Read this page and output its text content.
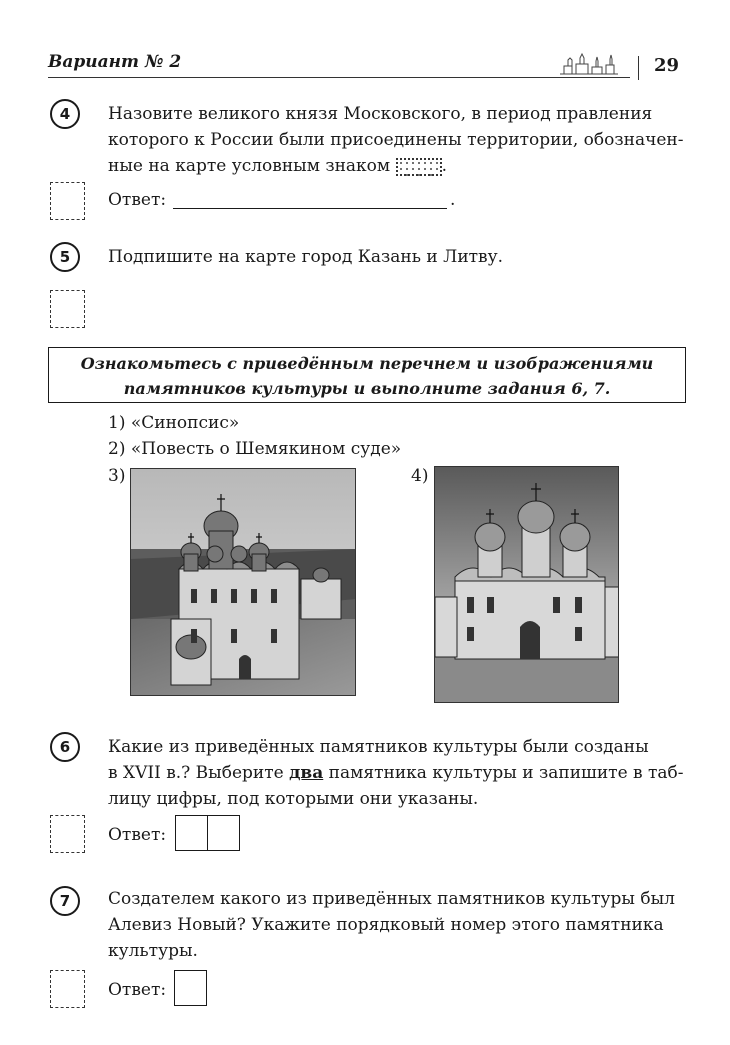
Вариант № 2	29
4	Назовите великого князя Московского, в период правления
которого к России были присоединены территории, обозначен-
ные на карте условным знаком	.
Ответ:	.
5	Подпишите на карте город Казань и Литву.
Ознакомьтесь с приведённым перечнем и изображениями
памятников культуры и выполните задания 6, 7.
1) «Синопсис»
2) «Повесть о Шемякином суде»
3)	4)
6	Какие из приведённых памятников культуры были созданы
в XVII в.? Выберите два памятника культуры и запишите в таб-
лицу цифры, под которыми они указаны.
Ответ:
7	Создателем какого из приведённых памятников культуры был
Алевиз Новый? Укажите порядковый номер этого памятника
культуры.
Ответ:
